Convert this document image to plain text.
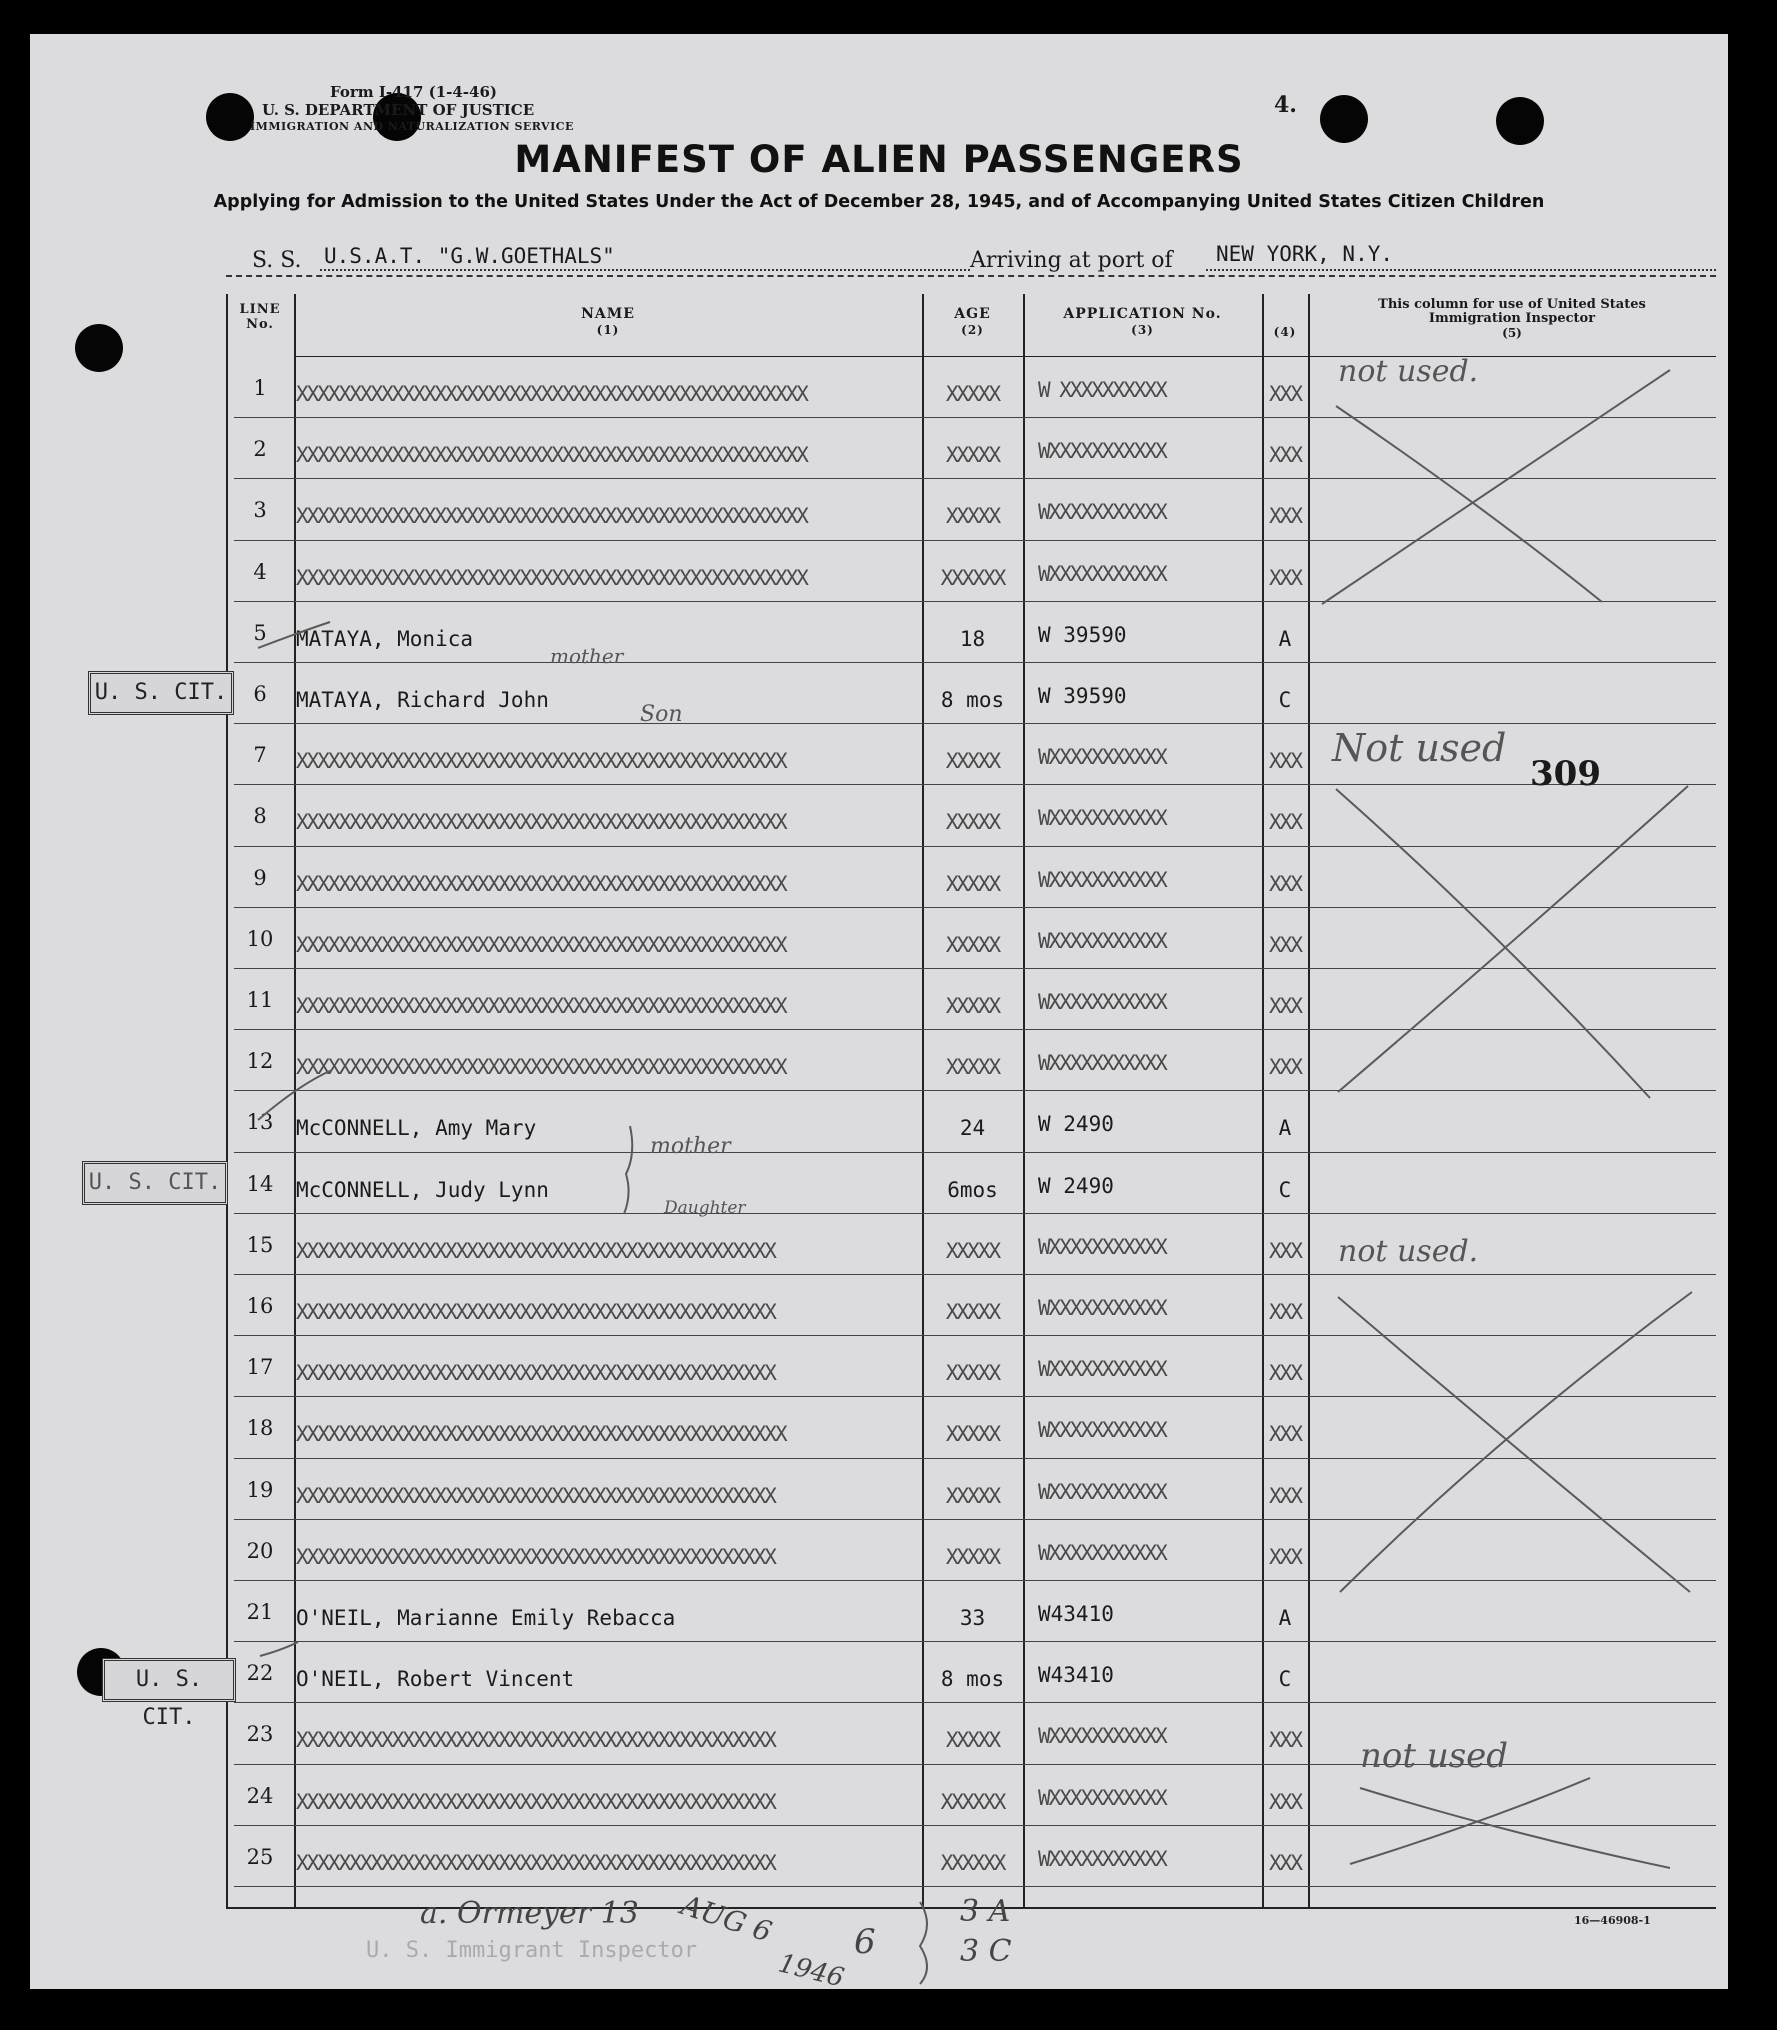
Form I-417 (1-4-46)
U. S. DEPARTMENT OF JUSTICE
IMMIGRATION AND NATURALIZATION SERVICE
4.
MANIFEST OF ALIEN PASSENGERS
Applying for Admission to the United States Under the Act of December 28, 1945, and of Accompanying United States Citizen Children
S. S. U.S.A.T. "G.W.GOETHALS"	Arriving at port of NEW YORK, N.Y.
LINE No.
NAME
(1)
AGE
(2)
APPLICATION No.
(3)	(4)
This column for use of United States Immigration Inspector
(5)
1	XXXXXXXXXXXXXXXXXXXXXXXXXXXXXXXXXXXXXXXXXXXXXXXX	XXXXX	W XXXXXXXXXX	XXX
2	XXXXXXXXXXXXXXXXXXXXXXXXXXXXXXXXXXXXXXXXXXXXXXXX	XXXXX	WXXXXXXXXXXX	XXX
3	XXXXXXXXXXXXXXXXXXXXXXXXXXXXXXXXXXXXXXXXXXXXXXXX	XXXXX	WXXXXXXXXXXX	XXX
4	XXXXXXXXXXXXXXXXXXXXXXXXXXXXXXXXXXXXXXXXXXXXXXXX	XXXXXX	WXXXXXXXXXXX	XXX
5	MATAYA, Monica	18	W 39590	A
6	MATAYA, Richard John	8 mos	W 39590	C
7	XXXXXXXXXXXXXXXXXXXXXXXXXXXXXXXXXXXXXXXXXXXXXX	XXXXX	WXXXXXXXXXXX	XXX
8	XXXXXXXXXXXXXXXXXXXXXXXXXXXXXXXXXXXXXXXXXXXXXX	XXXXX	WXXXXXXXXXXX	XXX
9	XXXXXXXXXXXXXXXXXXXXXXXXXXXXXXXXXXXXXXXXXXXXXX	XXXXX	WXXXXXXXXXXX	XXX
10	XXXXXXXXXXXXXXXXXXXXXXXXXXXXXXXXXXXXXXXXXXXXXX	XXXXX	WXXXXXXXXXXX	XXX
11	XXXXXXXXXXXXXXXXXXXXXXXXXXXXXXXXXXXXXXXXXXXXXX	XXXXX	WXXXXXXXXXXX	XXX
12	XXXXXXXXXXXXXXXXXXXXXXXXXXXXXXXXXXXXXXXXXXXXXX	XXXXX	WXXXXXXXXXXX	XXX
13	McCONNELL, Amy Mary	24	W 2490	A
14	McCONNELL, Judy Lynn	6mos	W 2490	C
15	XXXXXXXXXXXXXXXXXXXXXXXXXXXXXXXXXXXXXXXXXXXXX	XXXXX	WXXXXXXXXXXX	XXX
16	XXXXXXXXXXXXXXXXXXXXXXXXXXXXXXXXXXXXXXXXXXXXX	XXXXX	WXXXXXXXXXXX	XXX
17	XXXXXXXXXXXXXXXXXXXXXXXXXXXXXXXXXXXXXXXXXXXXX	XXXXX	WXXXXXXXXXXX	XXX
18	XXXXXXXXXXXXXXXXXXXXXXXXXXXXXXXXXXXXXXXXXXXXXX	XXXXX	WXXXXXXXXXXX	XXX
19	XXXXXXXXXXXXXXXXXXXXXXXXXXXXXXXXXXXXXXXXXXXXX	XXXXX	WXXXXXXXXXXX	XXX
20	XXXXXXXXXXXXXXXXXXXXXXXXXXXXXXXXXXXXXXXXXXXXX	XXXXX	WXXXXXXXXXXX	XXX
21	O'NEIL, Marianne Emily Rebacca	33	W43410	A
22	O'NEIL, Robert Vincent	8 mos	W43410	C
23	XXXXXXXXXXXXXXXXXXXXXXXXXXXXXXXXXXXXXXXXXXXXX	XXXXX	WXXXXXXXXXXX	XXX
24	XXXXXXXXXXXXXXXXXXXXXXXXXXXXXXXXXXXXXXXXXXXXX	XXXXXX	WXXXXXXXXXXX	XXX
25	XXXXXXXXXXXXXXXXXXXXXXXXXXXXXXXXXXXXXXXXXXXXX	XXXXXX	WXXXXXXXXXXX	XXX
not used.
Not used
not used.
not used
mother
Son
mother
Daughter
309
U. S. CIT.
U. S. CIT.
U. S. CIT.
16—46908-1
U. S. Immigrant Inspector
a. Ormeyer 13 AUG 6
1946
6
3 A
3 C
